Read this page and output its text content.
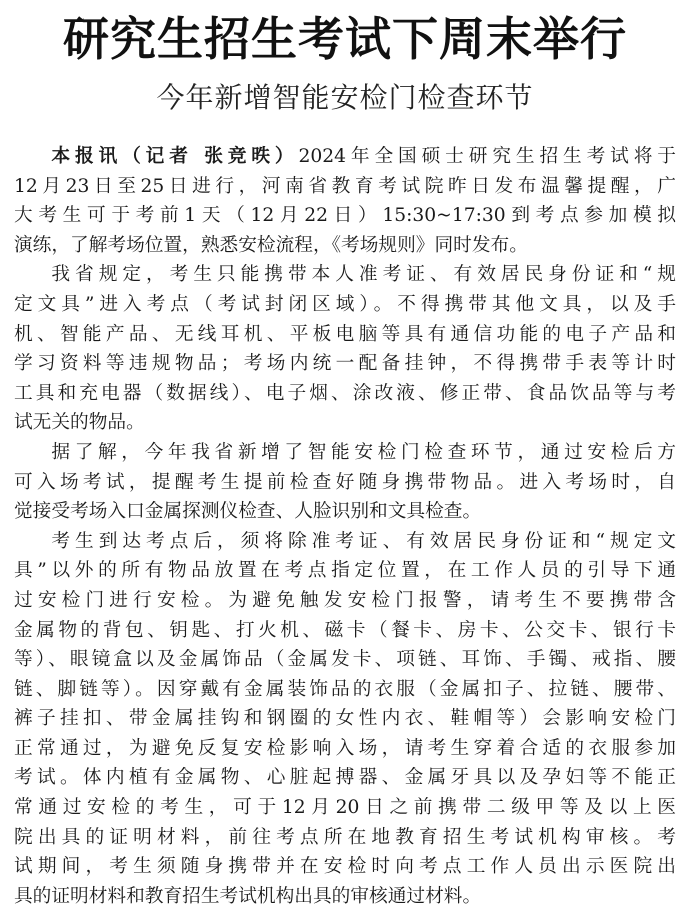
研究生招生考试下周末举行
今年新增智能安检门检查环节
本报讯（记者 张竞昳）2024年全国硕士研究生招生考试将于
12月23日至25日进行，河南省教育考试院昨日发布温馨提醒，广
大考生可于考前1天（12月22日）15:30~17:30到考点参加模拟
演练，了解考场位置，熟悉安检流程，《考场规则》同时发布。
我省规定，考生只能携带本人准考证、有效居民身份证和“规
定文具”进入考点（考试封闭区域）。不得携带其他文具，以及手
机、智能产品、无线耳机、平板电脑等具有通信功能的电子产品和
学习资料等违规物品；考场内统一配备挂钟，不得携带手表等计时
工具和充电器（数据线）、电子烟、涂改液、修正带、食品饮品等与考
试无关的物品。
据了解，今年我省新增了智能安检门检查环节，通过安检后方
可入场考试，提醒考生提前检查好随身携带物品。进入考场时，自
觉接受考场入口金属探测仪检查、人脸识别和文具检查。
考生到达考点后，须将除准考证、有效居民身份证和“规定文
具”以外的所有物品放置在考点指定位置，在工作人员的引导下通
过安检门进行安检。为避免触发安检门报警，请考生不要携带含
金属物的背包、钥匙、打火机、磁卡（餐卡、房卡、公交卡、银行卡
等）、眼镜盒以及金属饰品（金属发卡、项链、耳饰、手镯、戒指、腰
链、脚链等）。因穿戴有金属装饰品的衣服（金属扣子、拉链、腰带、
裤子挂扣、带金属挂钩和钢圈的女性内衣、鞋帽等）会影响安检门
正常通过，为避免反复安检影响入场，请考生穿着合适的衣服参加
考试。体内植有金属物、心脏起搏器、金属牙具以及孕妇等不能正
常通过安检的考生，可于12月20日之前携带二级甲等及以上医
院出具的证明材料，前往考点所在地教育招生考试机构审核。考
试期间，考生须随身携带并在安检时向考点工作人员出示医院出
具的证明材料和教育招生考试机构出具的审核通过材料。
